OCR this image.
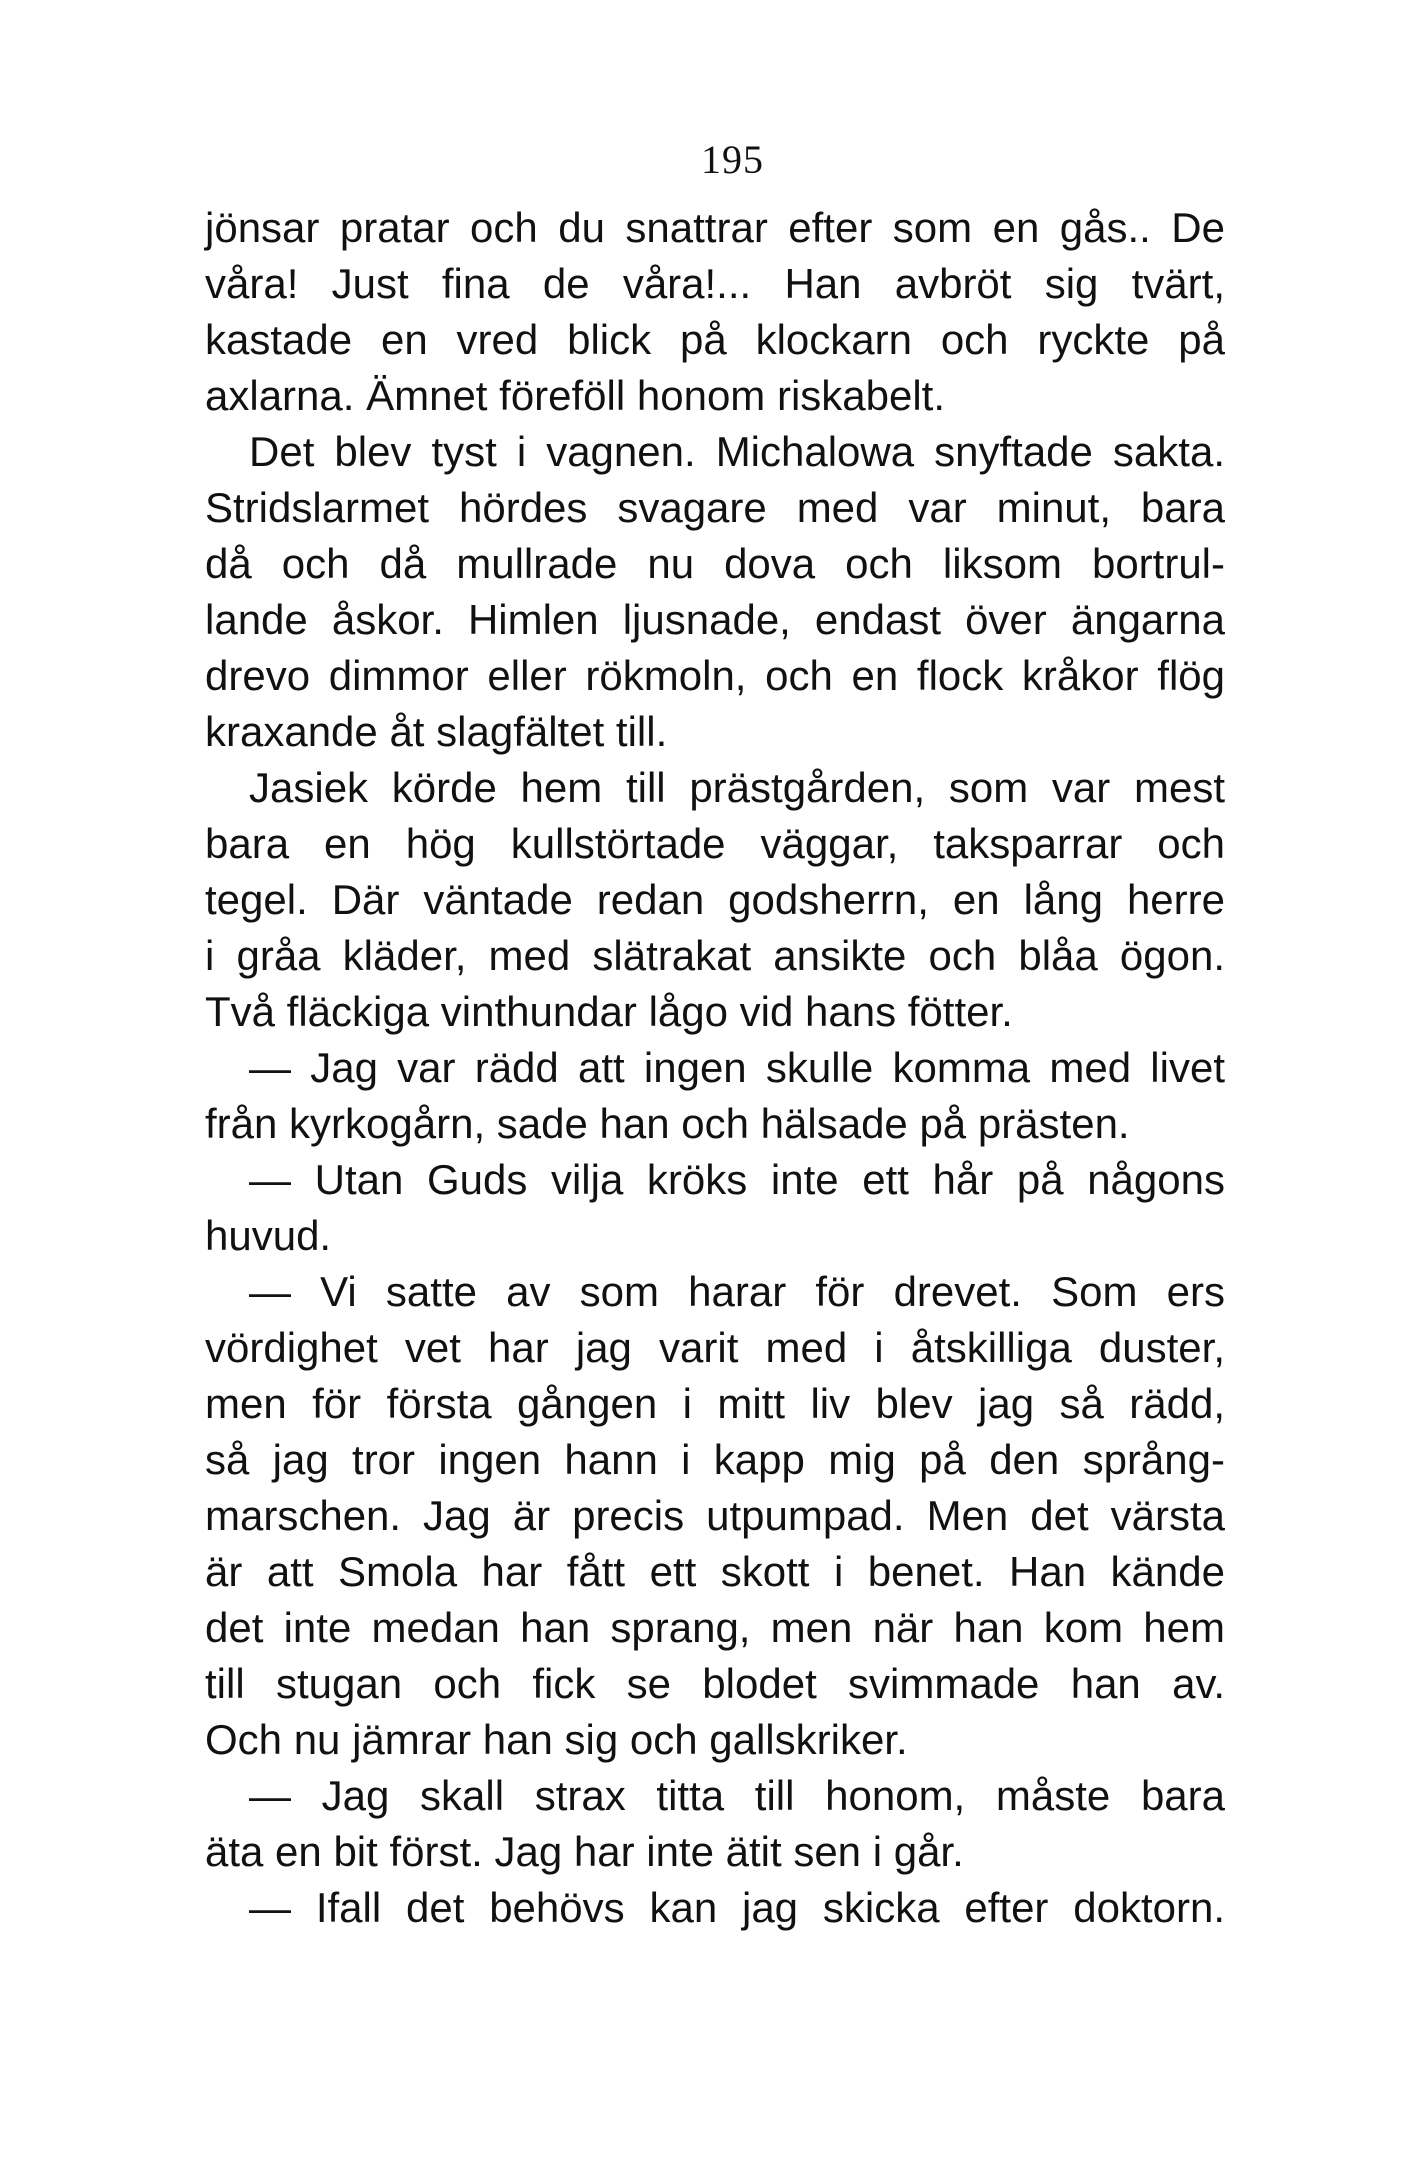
195
jönsar pratar och du snattrar efter som en gås.. De
våra! Just fina de våra!... Han avbröt sig tvärt,
kastade en vred blick på klockarn och ryckte på
axlarna. Ämnet föreföll honom riskabelt.
Det blev tyst i vagnen. Michalowa snyftade sakta.
Stridslarmet hördes svagare med var minut, bara
då och då mullrade nu dova och liksom bortrul-
lande åskor. Himlen ljusnade, endast över ängarna
drevo dimmor eller rökmoln, och en flock kråkor flög
kraxande åt slagfältet till.
Jasiek körde hem till prästgården, som var mest
bara en hög kullstörtade väggar, taksparrar och
tegel. Där väntade redan godsherrn, en lång herre
i gråa kläder, med slätrakat ansikte och blåa ögon.
Två fläckiga vinthundar lågo vid hans fötter.
— Jag var rädd att ingen skulle komma med livet
från kyrkogårn, sade han och hälsade på prästen.
— Utan Guds vilja kröks inte ett hår på någons
huvud.
— Vi satte av som harar för drevet. Som ers
vördighet vet har jag varit med i åtskilliga duster,
men för första gången i mitt liv blev jag så rädd,
så jag tror ingen hann i kapp mig på den språng-
marschen. Jag är precis utpumpad. Men det värsta
är att Smola har fått ett skott i benet. Han kände
det inte medan han sprang, men när han kom hem
till stugan och fick se blodet svimmade han av.
Och nu jämrar han sig och gallskriker.
— Jag skall strax titta till honom, måste bara
äta en bit först. Jag har inte ätit sen i går.
— Ifall det behövs kan jag skicka efter doktorn.
